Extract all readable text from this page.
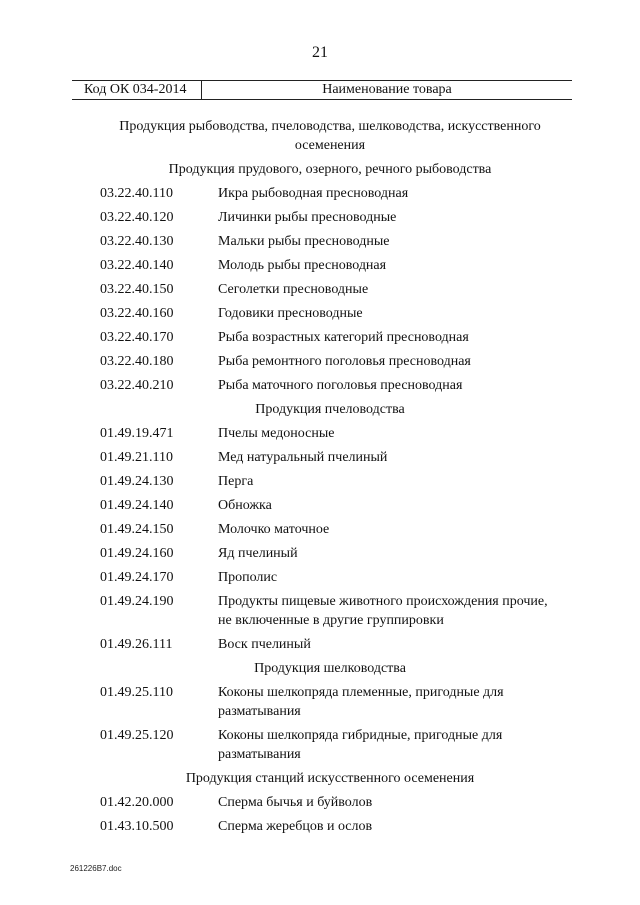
21
Код ОК 034-2014	Наименование товара
Продукция рыбоводства, пчеловодства, шелководства, искусственного осеменения
Продукция прудового, озерного, речного рыбоводства
03.22.40.110	Икра рыбоводная пресноводная
03.22.40.120	Личинки рыбы пресноводные
03.22.40.130	Мальки рыбы пресноводные
03.22.40.140	Молодь рыбы пресноводная
03.22.40.150	Сеголетки пресноводные
03.22.40.160	Годовики пресноводные
03.22.40.170	Рыба возрастных категорий пресноводная
03.22.40.180	Рыба ремонтного поголовья пресноводная
03.22.40.210	Рыба маточного поголовья пресноводная
Продукция пчеловодства
01.49.19.471	Пчелы медоносные
01.49.21.110	Мед натуральный пчелиный
01.49.24.130	Перга
01.49.24.140	Обножка
01.49.24.150	Молочко маточное
01.49.24.160	Яд пчелиный
01.49.24.170	Прополис
01.49.24.190	Продукты пищевые животного происхождения прочие, не включенные в другие группировки
01.49.26.111	Воск пчелиный
Продукция шелководства
01.49.25.110	Коконы шелкопряда племенные, пригодные для разматывания
01.49.25.120	Коконы шелкопряда гибридные, пригодные для разматывания
Продукция станций искусственного осеменения
01.42.20.000	Сперма бычья и буйволов
01.43.10.500	Сперма жеребцов и ослов
261226B7.doc
